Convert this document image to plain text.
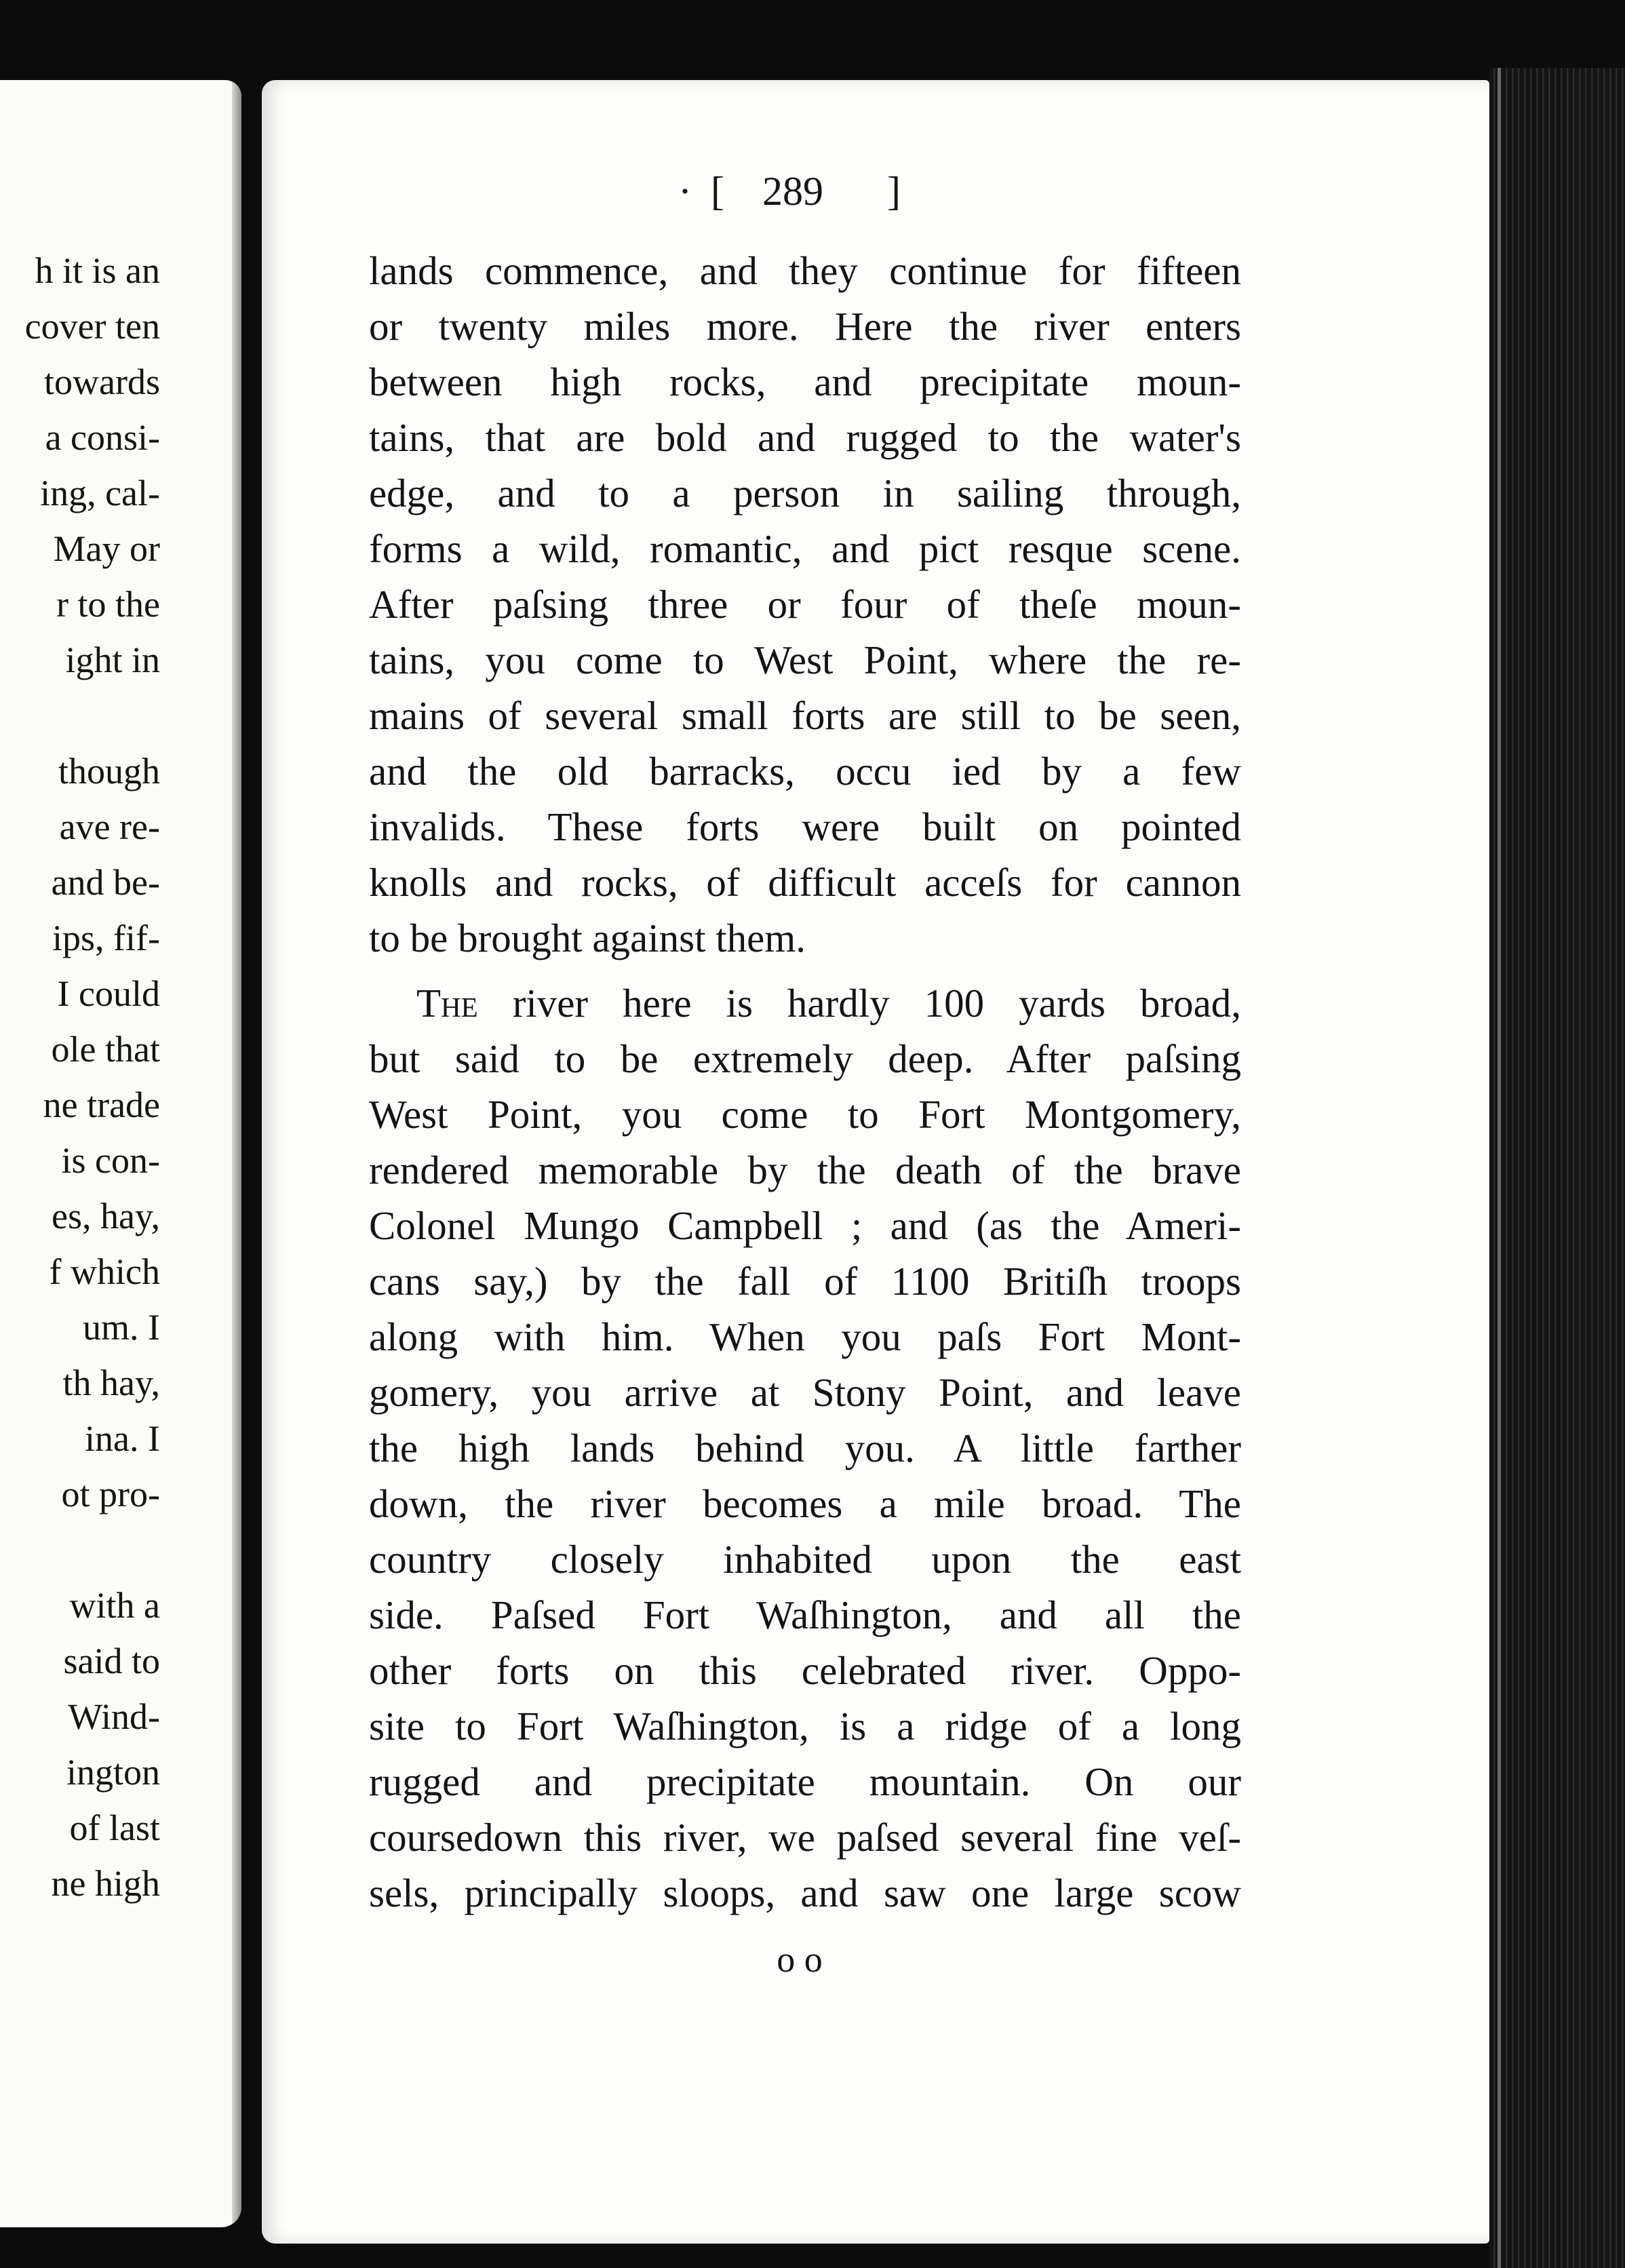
h it is an
cover ten
towards
a consi-
ing, cal-
May or
r to the
ight in
though
ave re-
and be-
ips, fif-
I could
ole that
ne trade
is con-
es, hay,
f which
um. I
th hay,
ina. I
ot pro-
with a
said to
Wind-
ington
of last
ne high
· [ 289 ]
lands commence, and they continue for fifteen
or twenty miles more. Here the river enters
between high rocks, and precipitate moun-
tains, that are bold and rugged to the water's
edge, and to a person in sailing through,
forms a wild, romantic, and pict resque scene.
After paſsing three or four of theſe moun-
tains, you come to West Point, where the re-
mains of several small forts are still to be seen,
and the old barracks, occu ied by a few
invalids. These forts were built on pointed
knolls and rocks, of difficult acceſs for cannon
to be brought against them.
The river here is hardly 100 yards broad,
but said to be extremely deep. After paſsing
West Point, you come to Fort Montgomery,
rendered memorable by the death of the brave
Colonel Mungo Campbell ; and (as the Ameri-
cans say,) by the fall of 1100 Britiſh troops
along with him. When you paſs Fort Mont-
gomery, you arrive at Stony Point, and leave
the high lands behind you. A little farther
down, the river becomes a mile broad. The
country closely inhabited upon the east
side. Paſsed Fort Waſhington, and all the
other forts on this celebrated river. Oppo-
site to Fort Waſhington, is a ridge of a long
rugged and precipitate mountain. On our
coursedown this river, we paſsed several fine veſ-
sels, principally sloops, and saw one large scow
o o
